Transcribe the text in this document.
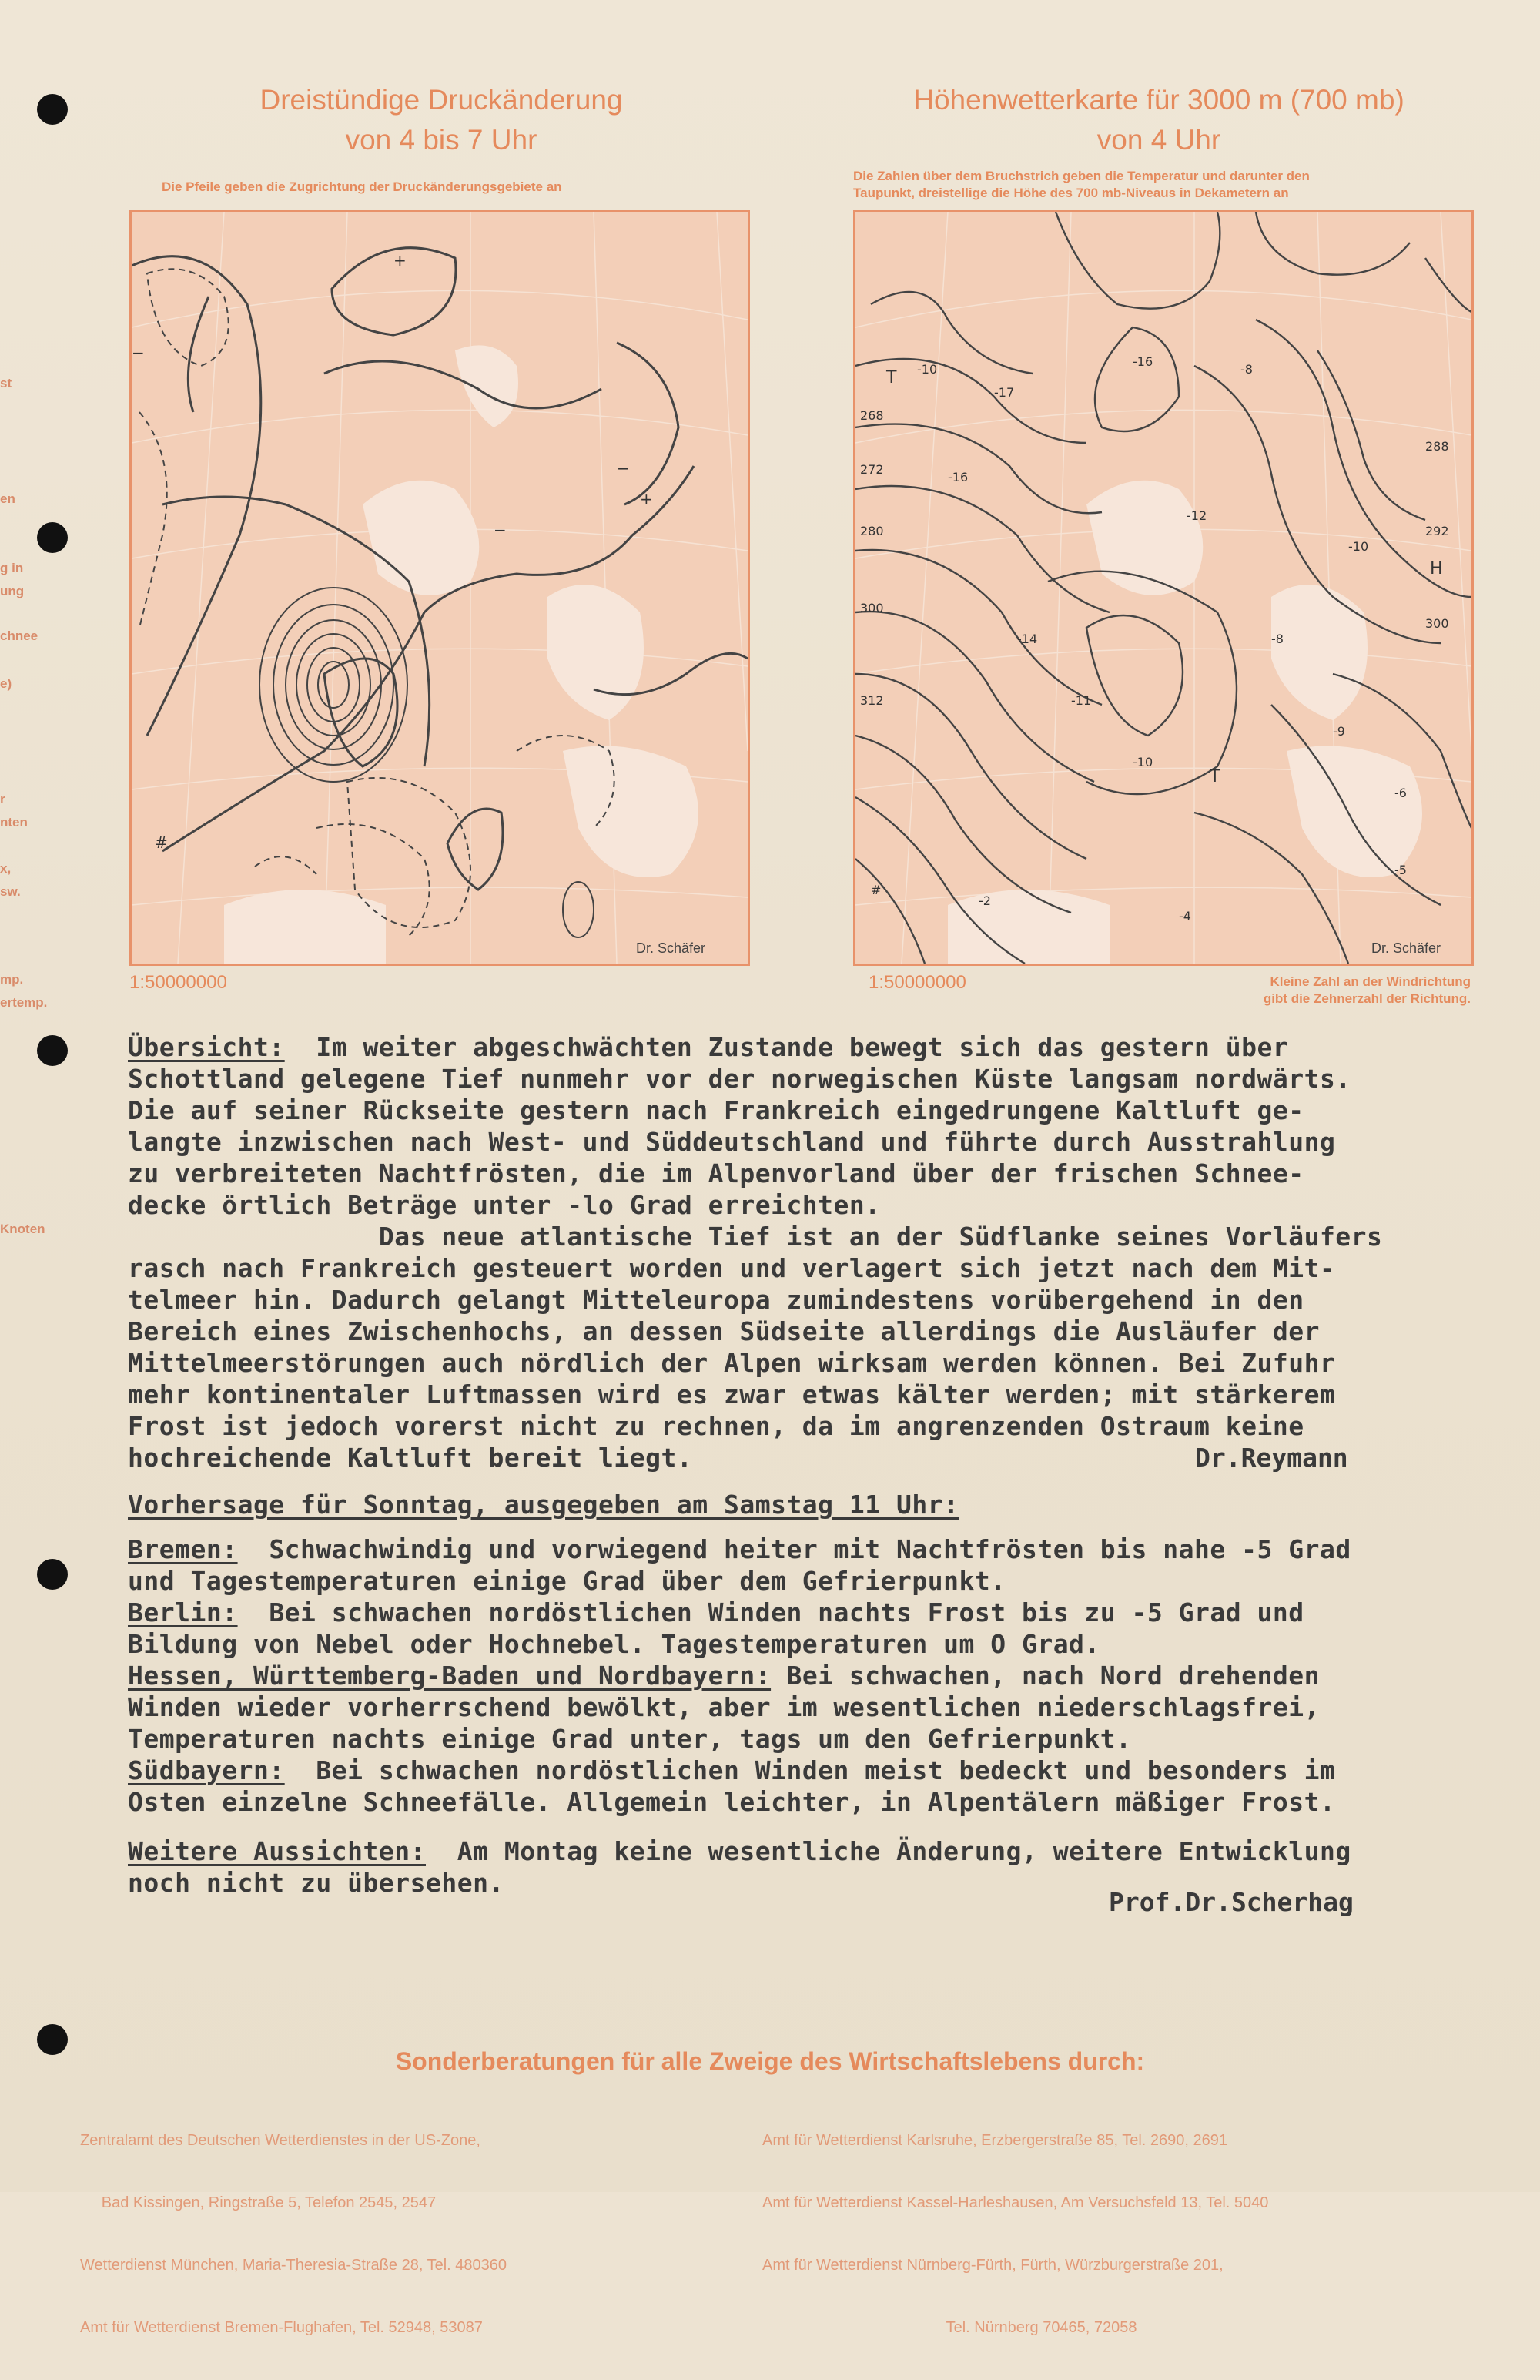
st
en
g in
ung
chnee
e)
r
nten
x,
sw.
mp.
ertemp.
Knoten
Dreistündige Druckänderung
von 4 bis 7 Uhr
Die Pfeile geben die Zugrichtung der Druckänderungsgebiete an
+
−
+
−
−
#
Dr. Schäfer
1:50000000
Höhenwetterkarte für 3000 m (700 mb)
von 4 Uhr
Die Zahlen über dem Bruchstrich geben die Temperatur und darunter den
Taupunkt, dreistellige die Höhe des 700 mb-Niveaus in Dekametern an
-10
-17
-16
-8
-16
-12
-10
-14
-11
-10
-8
-9
-6
-2
-4
-5
268
272
280
300
312
288
292
300
T
T
H
#
Dr. Schäfer
1:50000000	Kleine Zahl an der Windrichtung
gibt die Zehnerzahl der Richtung.
Übersicht:  Im weiter abgeschwächten Zustande bewegt sich das gestern über
Schottland gelegene Tief nunmehr vor der norwegischen Küste langsam nordwärts.
Die auf seiner Rückseite gestern nach Frankreich eingedrungene Kaltluft ge-
langte inzwischen nach West- und Süddeutschland und führte durch Ausstrahlung
zu verbreiteten Nachtfrösten, die im Alpenvorland über der frischen Schnee-
decke örtlich Beträge unter -lo Grad erreichten.
Das neue atlantische Tief ist an der Südflanke seines Vorläufers
rasch nach Frankreich gesteuert worden und verlagert sich jetzt nach dem Mit-
telmeer hin. Dadurch gelangt Mitteleuropa zumindestens vorübergehend in den
Bereich eines Zwischenhochs, an dessen Südseite allerdings die Ausläufer der
Mittelmeerstörungen auch nördlich der Alpen wirksam werden können. Bei Zufuhr
mehr kontinentaler Luftmassen wird es zwar etwas kälter werden; mit stärkerem
Frost ist jedoch vorerst nicht zu rechnen, da im angrenzenden Ostraum keine
hochreichende Kaltluft bereit liegt.	Dr.Reymann
Vorhersage für Sonntag, ausgegeben am Samstag 11 Uhr:
Bremen:  Schwachwindig und vorwiegend heiter mit Nachtfrösten bis nahe -5 Grad
und Tagestemperaturen einige Grad über dem Gefrierpunkt.
Berlin:  Bei schwachen nordöstlichen Winden nachts Frost bis zu -5 Grad und
Bildung von Nebel oder Hochnebel. Tagestemperaturen um O Grad.
Hessen, Württemberg-Baden und Nordbayern: Bei schwachen, nach Nord drehenden
Winden wieder vorherrschend bewölkt, aber im wesentlichen niederschlagsfrei,
Temperaturen nachts einige Grad unter, tags um den Gefrierpunkt.
Südbayern:  Bei schwachen nordöstlichen Winden meist bedeckt und besonders im
Osten einzelne Schneefälle. Allgemein leichter, in Alpentälern mäßiger Frost.
Weitere Aussichten:  Am Montag keine wesentliche Änderung, weitere Entwicklung
noch nicht zu übersehen.
Prof.Dr.Scherhag
Sonderberatungen für alle Zweige des Wirtschaftslebens durch:

Zentralamt des Deutschen Wetterdienstes in der US-Zone,

Bad Kissingen, Ringstraße 5, Telefon 2545, 2547

Wetterdienst München, Maria-Theresia-Straße 28, Tel. 480360

Amt für Wetterdienst Bremen-Flughafen, Tel. 52948, 53087

Amt für Wetterdienst Karlsruhe, Erzbergerstraße 85, Tel. 2690, 2691

Amt für Wetterdienst Kassel-Harleshausen, Am Versuchsfeld 13, Tel. 5040

Amt für Wetterdienst Nürnberg-Fürth, Fürth, Würzburgerstraße 201,

Tel. Nürnberg 70465, 72058
